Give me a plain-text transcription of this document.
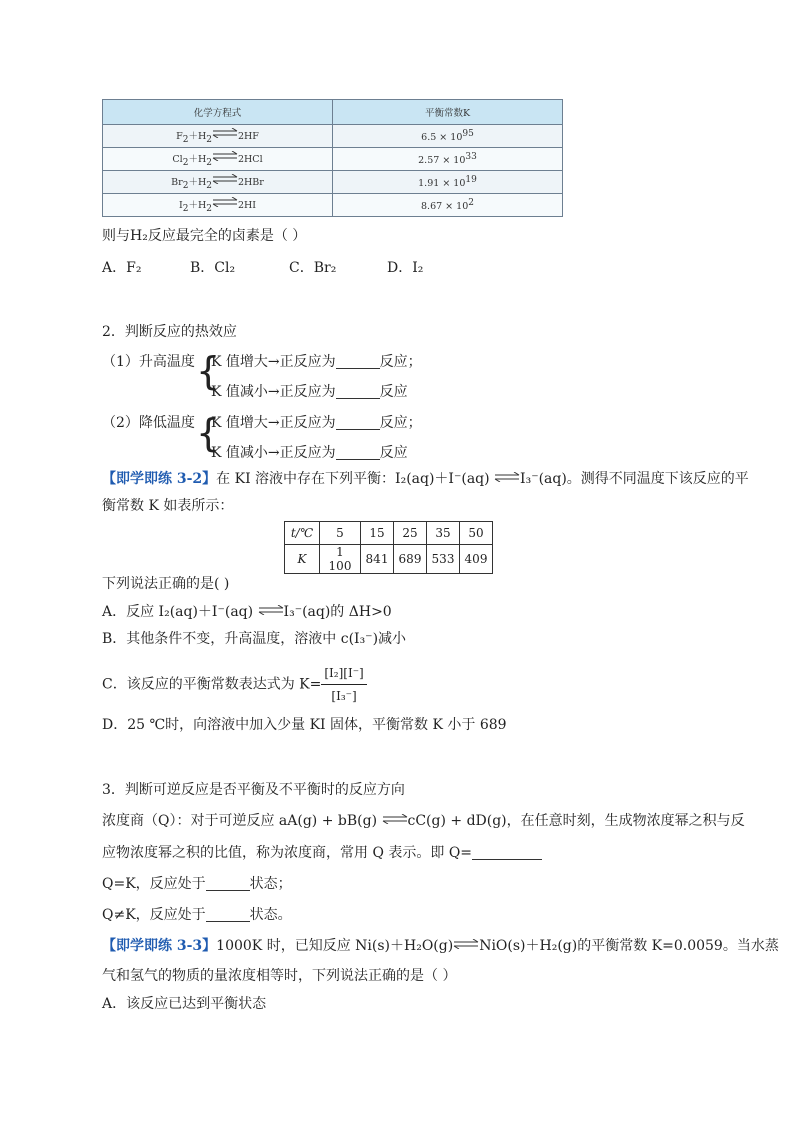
化学方程式	平衡常数K
$F_2+H_2$ ⇌2HF	$6.5 \times 10^{95}$
$Cl_2+H_2$ ⇌2HCl	$2.57 \times 10^{33}$
$Br_2+H_2$ ⇌2HBr	$1.91 \times 10^{19}$
$I_2+H_2$ ⇌2HI	$8.67 \times 10^2$
则与H₂反应最完全的卤素是（ ）
A．F₂	B．Cl₂	C．Br₂	D．I₂
2．判断反应的热效应
（1）升高温度 {
K 值增大→正反应为	反应；
K 值减小→正反应为	反应
（2）降低温度 {
K 值增大→正反应为	反应；
K 值减小→正反应为	反应
【即学即练 3-2】在 KI 溶液中存在下列平衡：I₂(aq)＋I⁻(aq) ⇌I₃⁻(aq)。测得不同温度下该反应的平
衡常数 K 如表所示：
t/℃	5	15	25	35	50
K	1 100	841	689	533	409
下列说法正确的是( )
A．反应 I₂(aq)＋I⁻(aq) ⇌I₃⁻(aq)的 ΔH>0
B．其他条件不变，升高温度，溶液中 c(I₃⁻)减小
C．该反应的平衡常数表达式为 $K= \frac{\text{[I₂][I⁻]}}{\text{[I₃⁻]}}$
D．25 ℃时，向溶液中加入少量 KI 固体，平衡常数 K 小于 689
3．判断可逆反应是否平衡及不平衡时的反应方向
浓度商（Q）：对于可逆反应 aA(g) + bB(g) ⇌cC(g) + dD(g)，在任意时刻，生成物浓度幂之积与反
应物浓度幂之积的比值，称为浓度商，常用 Q 表示。即 Q=
Q=K，反应处于	状态；
Q≠K，反应处于	状态。
【即学即练 3-3】1000K 时，已知反应 Ni(s)＋H₂O(g)⇌NiO(s)＋H₂(g)的平衡常数 K=0.0059。当水蒸
气和氢气的物质的量浓度相等时，下列说法正确的是（ ）
A．该反应已达到平衡状态
